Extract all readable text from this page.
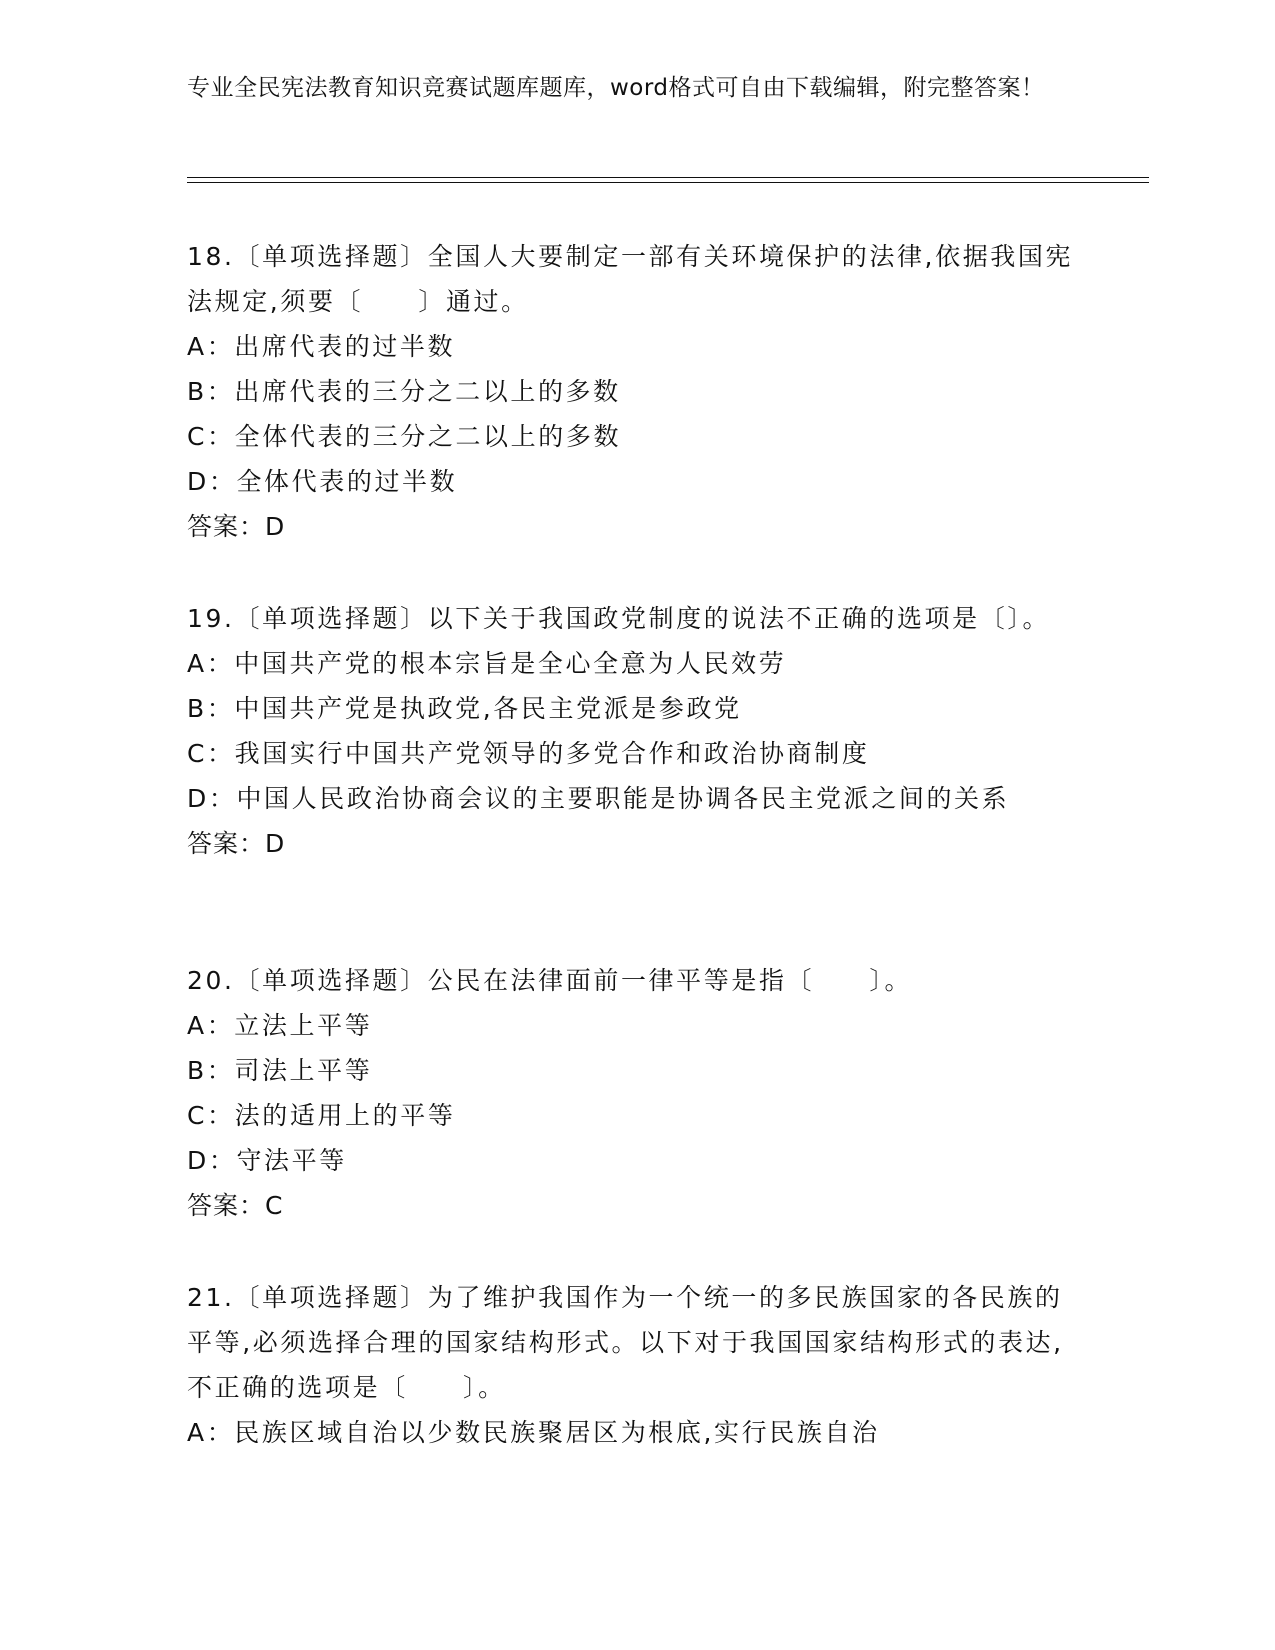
专业全民宪法教育知识竞赛试题库题库，word格式可自由下载编辑，附完整答案！

18.〔单项选择题〕全国人大要制定一部有关环境保护的法律,依据我国宪法规定,须要〔　　〕通过。

A：出席代表的过半数

B：出席代表的三分之二以上的多数

C：全体代表的三分之二以上的多数

D：全体代表的过半数

答案：D

19.〔单项选择题〕以下关于我国政党制度的说法不正确的选项是〔〕。

A：中国共产党的根本宗旨是全心全意为人民效劳

B：中国共产党是执政党,各民主党派是参政党

C：我国实行中国共产党领导的多党合作和政治协商制度

D：中国人民政治协商会议的主要职能是协调各民主党派之间的关系

答案：D

20.〔单项选择题〕公民在法律面前一律平等是指〔　　〕。

A：立法上平等

B：司法上平等

C：法的适用上的平等

D：守法平等

答案：C

21.〔单项选择题〕为了维护我国作为一个统一的多民族国家的各民族的平等,必须选择合理的国家结构形式。以下对于我国国家结构形式的表达,不正确的选项是〔　　〕。

A：民族区域自治以少数民族聚居区为根底,实行民族自治
